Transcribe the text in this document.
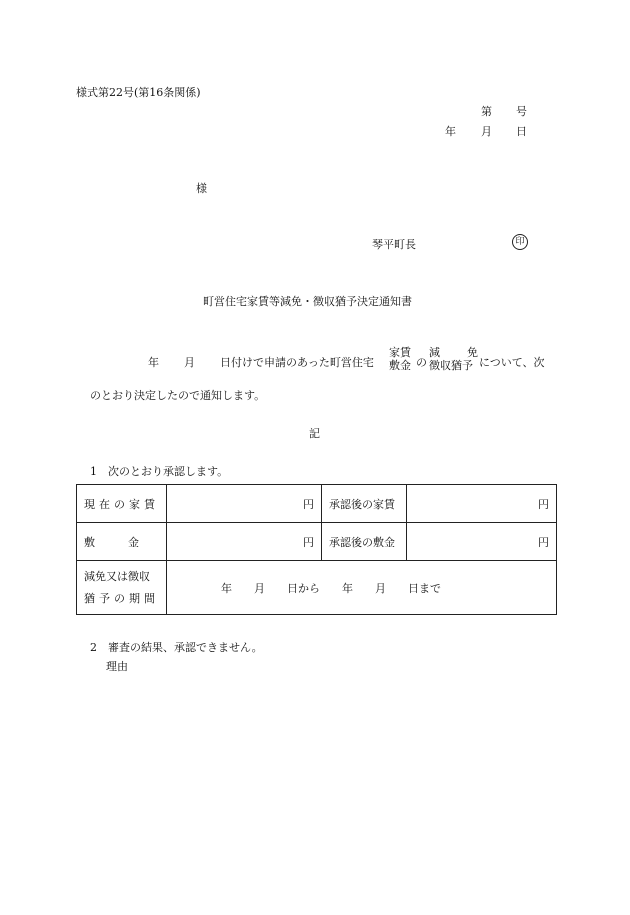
様式第22号(第16条関係)
第 号
年 月 日
様
琴平町長	印
町営住宅家賃等減免・徴収猶予決定通知書
年 月 日付けで申請のあった町営住宅
家賃
敷金 の
減 免
徴収猶予 について、次
のとおり決定したので通知します。
記
1　次のとおり承認します。
現在の家賃	円	承認後の家賃	円
敷　　　金	円	承認後の敷金	円

減免又は徴収
猶予の期間	年　　月　　日から　　年　　月　　日まで		
2　審査の結果、承認できません。
理由
